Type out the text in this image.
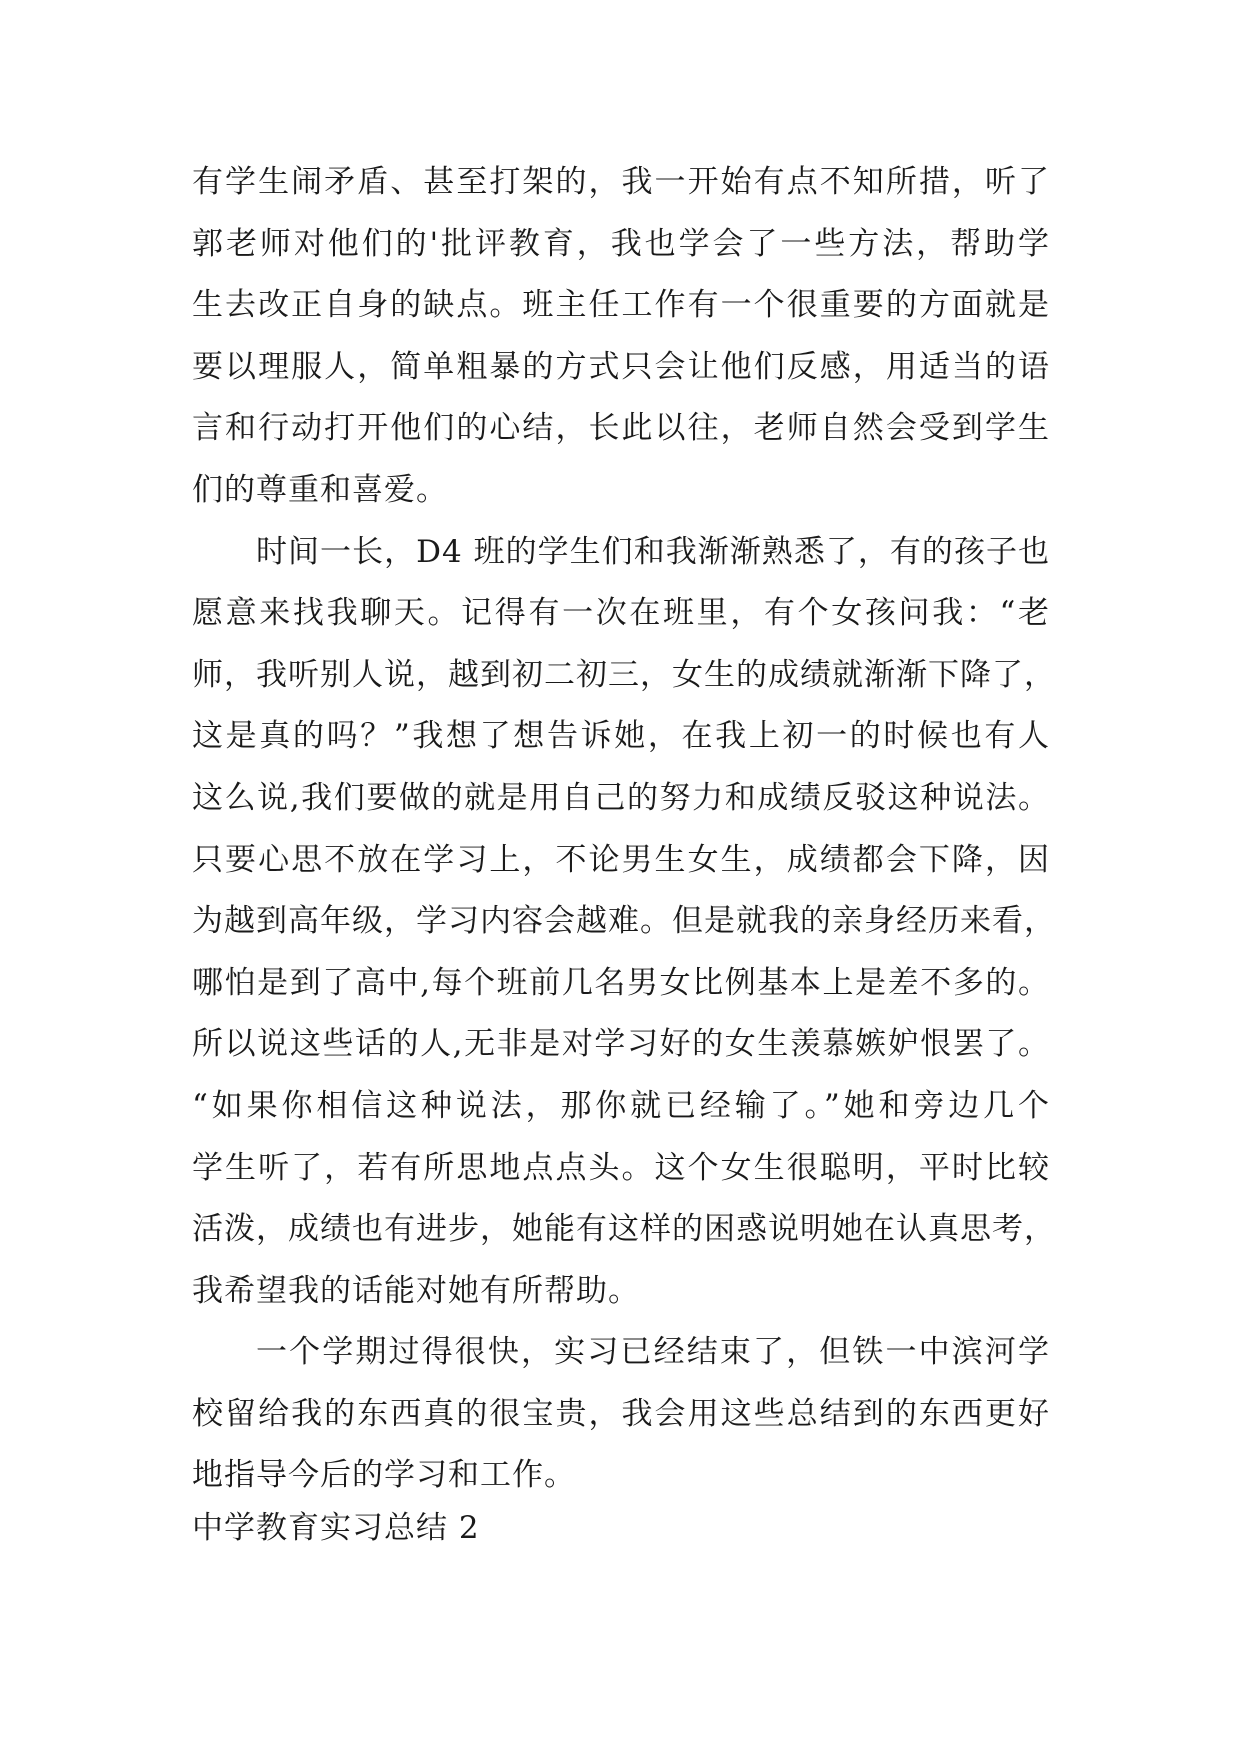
有学生闹矛盾、甚至打架的，我一开始有点不知所措，听了
郭老师对他们的'批评教育，我也学会了一些方法，帮助学
生去改正自身的缺点。班主任工作有一个很重要的方面就是
要以理服人，简单粗暴的方式只会让他们反感，用适当的语
言和行动打开他们的心结，长此以往，老师自然会受到学生
们的尊重和喜爱。
时间一长，D4 班的学生们和我渐渐熟悉了，有的孩子也
愿意来找我聊天。记得有一次在班里，有个女孩问我：“老
师，我听别人说，越到初二初三，女生的成绩就渐渐下降了，
这是真的吗？”我想了想告诉她，在我上初一的时候也有人
这么说,我们要做的就是用自己的努力和成绩反驳这种说法。
只要心思不放在学习上，不论男生女生，成绩都会下降，因
为越到高年级，学习内容会越难。但是就我的亲身经历来看，
哪怕是到了高中,每个班前几名男女比例基本上是差不多的。
所以说这些话的人,无非是对学习好的女生羡慕嫉妒恨罢了。
“如果你相信这种说法，那你就已经输了。”她和旁边几个
学生听了，若有所思地点点头。这个女生很聪明，平时比较
活泼，成绩也有进步，她能有这样的困惑说明她在认真思考，
我希望我的话能对她有所帮助。
一个学期过得很快，实习已经结束了，但铁一中滨河学
校留给我的东西真的很宝贵，我会用这些总结到的东西更好
地指导今后的学习和工作。
中学教育实习总结 2
